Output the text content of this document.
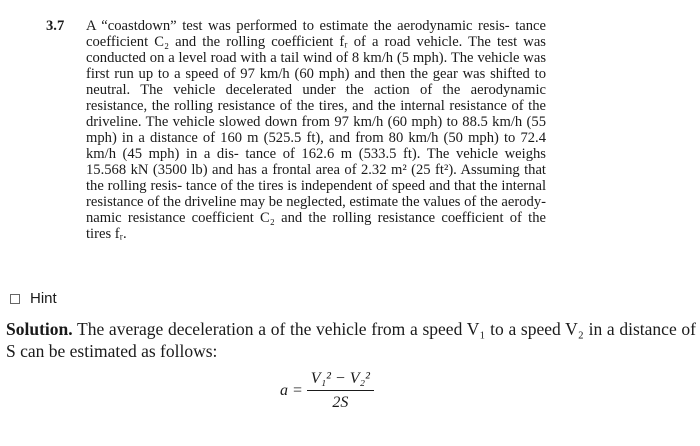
3.7 A “coastdown” test was performed to estimate the aerodynamic resis- tance coefficient C₂ and the rolling coefficient fᵣ of a road vehicle. The test was conducted on a level road with a tail wind of 8 km/h (5 mph). The vehicle was first run up to a speed of 97 km/h (60 mph) and then the gear was shifted to neutral. The vehicle decelerated under the action of the aerodynamic resistance, the rolling resistance of the tires, and the internal resistance of the driveline. The vehicle slowed down from 97 km/h (60 mph) to 88.5 km/h (55 mph) in a distance of 160 m (525.5 ft), and from 80 km/h (50 mph) to 72.4 km/h (45 mph) in a dis- tance of 162.6 m (533.5 ft). The vehicle weighs 15.568 kN (3500 lb) and has a frontal area of 2.32 m² (25 ft²). Assuming that the rolling resis- tance of the tires is independent of speed and that the internal resistance of the driveline may be neglected, estimate the values of the aerody- namic resistance coefficient C₂ and the rolling resistance coefficient of the tires fᵣ.
Hint
Solution. The average deceleration a of the vehicle from a speed V₁ to a speed V₂ in a distance of S can be estimated as follows:
$a = \frac{\text{V₁² − V₂²}}{2S}$
